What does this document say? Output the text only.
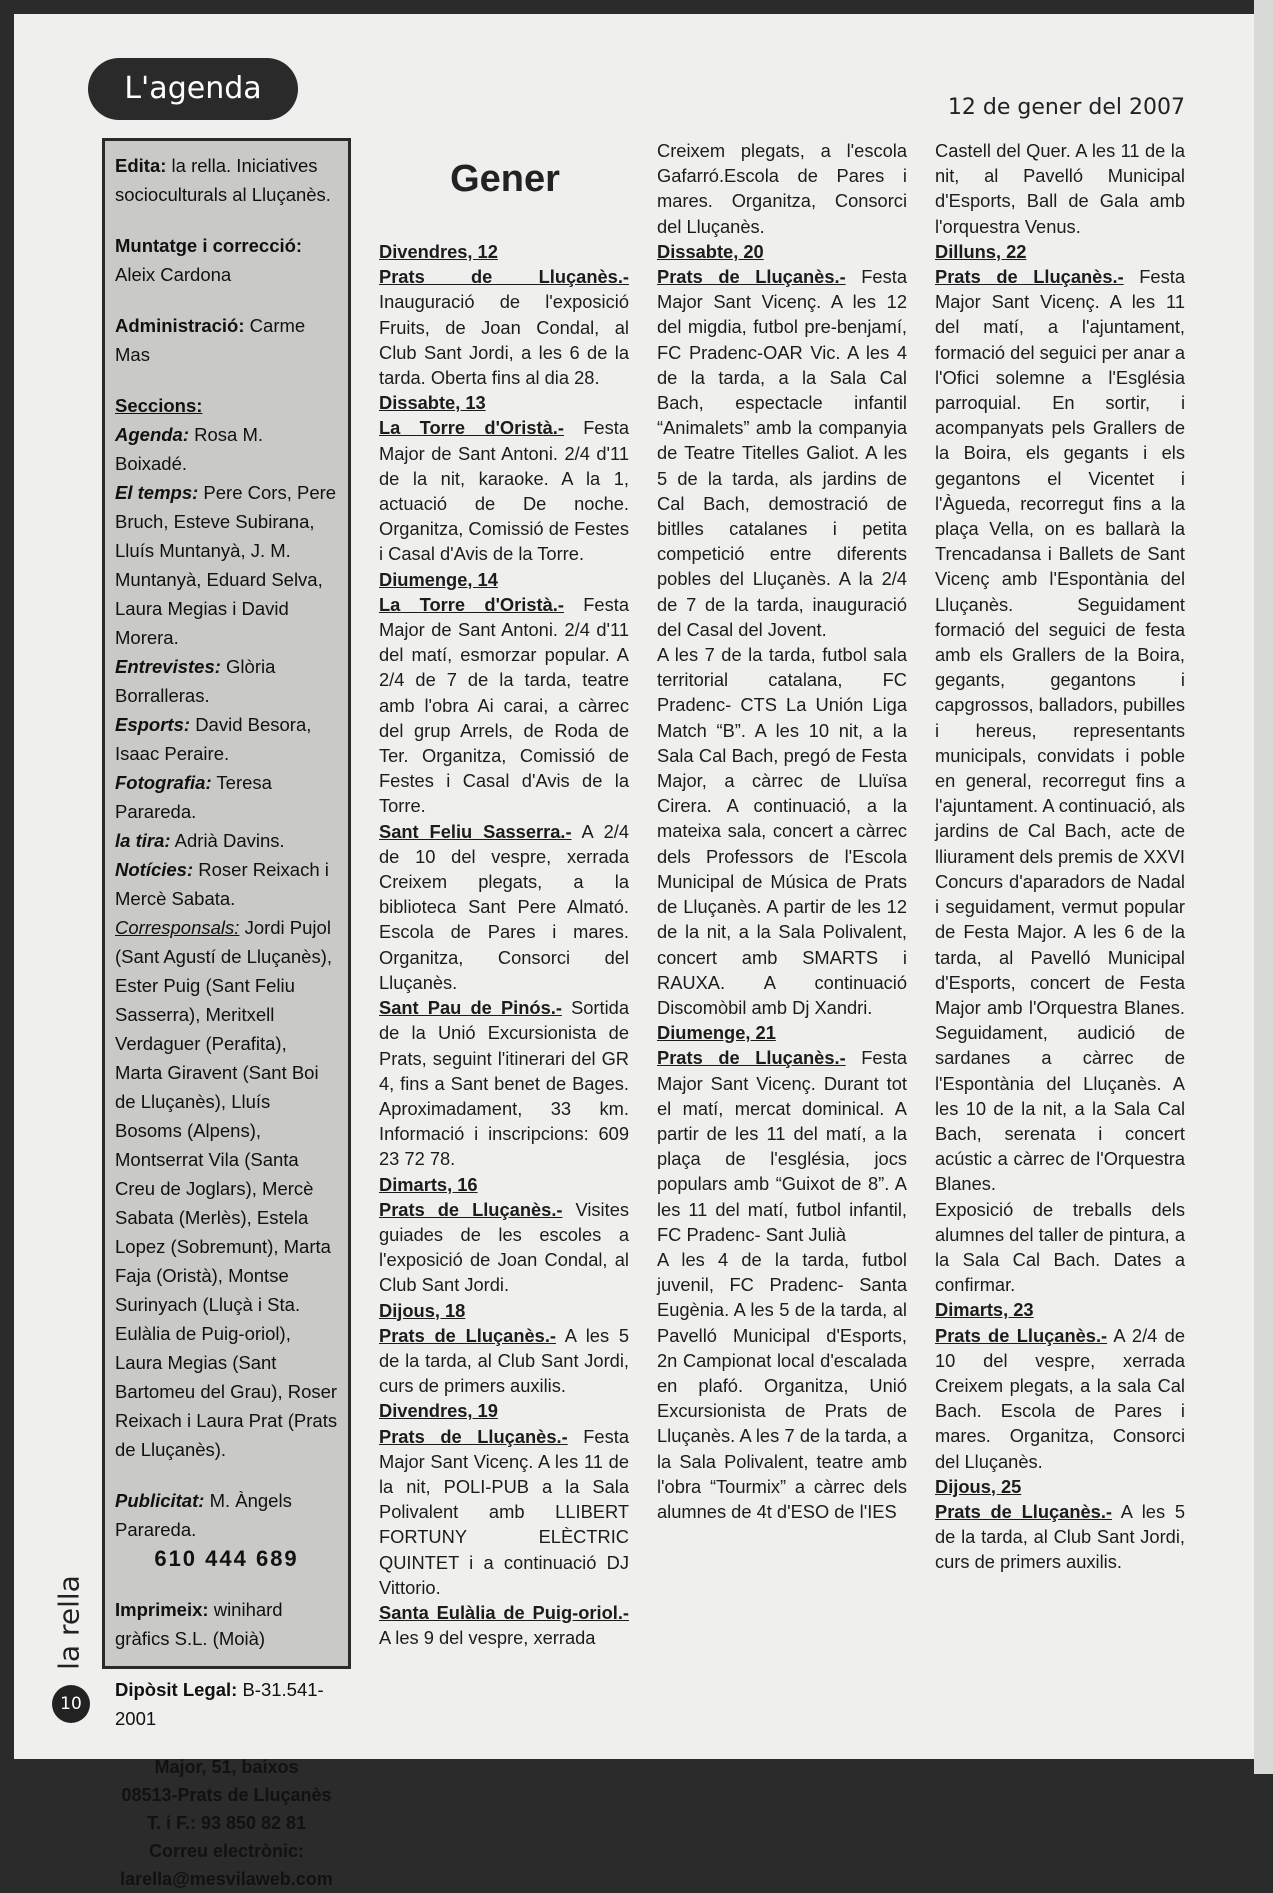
L'agenda
12 de gener del 2007

Edita: la rella. Iniciatives socioculturals al Lluçanès.

Muntatge i correcció: Aleix Cardona

Administració: Carme Mas

Seccions:

Agenda: Rosa M. Boixadé.

El temps: Pere Cors, Pere Bruch, Esteve Subirana, Lluís Muntanyà, J. M. Muntanyà, Eduard Selva, Laura Megias i David Morera.

Entrevistes: Glòria Borralleras.

Esports: David Besora, Isaac Peraire.

Fotografia: Teresa Parareda.

la tira: Adrià Davins.

Notícies: Roser Reixach i Mercè Sabata.

Corresponsals: Jordi Pujol (Sant Agustí de Lluçanès), Ester Puig (Sant Feliu Sasserra), Meritxell Verdaguer (Perafita), Marta Giravent (Sant Boi de Lluçanès), Lluís Bosoms (Alpens), Montserrat Vila (Santa Creu de Joglars), Mercè Sabata (Merlès), Estela Lopez (Sobremunt), Marta Faja (Oristà), Montse Surinyach (Lluçà i Sta. Eulàlia de Puig-oriol), Laura Megias (Sant Bartomeu del Grau), Roser Reixach i Laura Prat (Prats de Lluçanès).

Publicitat: M. Àngels Parareda.

610 444 689

Imprimeix: winihard gràfics S.L. (Moià)

Dipòsit Legal: B-31.541-2001

Major, 51, baixos
08513-Prats de Lluçanès
T. i F.: 93 850 82 81
Correu electrònic:
larella@mesvilaweb.com
la rella
10
Gener

Divendres, 12

Prats de Lluçanès.- Inauguració de l'exposició Fruits, de Joan Condal, al Club Sant Jordi, a les 6 de la tarda. Oberta fins al dia 28.

Dissabte, 13

La Torre d'Oristà.- Festa Major de Sant Antoni. 2/4 d'11 de la nit, karaoke. A la 1, actuació de De noche. Organitza, Comissió de Festes i Casal d'Avis de la Torre.

Diumenge, 14

La Torre d'Oristà.- Festa Major de Sant Antoni. 2/4 d'11 del matí, esmorzar popular. A 2/4 de 7 de la tarda, teatre amb l'obra Ai carai, a càrrec del grup Arrels, de Roda de Ter. Organitza, Comissió de Festes i Casal d'Avis de la Torre.

Sant Feliu Sasserra.- A 2/4 de 10 del vespre, xerrada Creixem plegats, a la biblioteca Sant Pere Almató. Escola de Pares i mares. Organitza, Consorci del Lluçanès.

Sant Pau de Pinós.- Sortida de la Unió Excursionista de Prats, seguint l'itinerari del GR 4, fins a Sant benet de Bages. Aproximadament, 33 km. Informació i inscripcions: 609 23 72 78.

Dimarts, 16

Prats de Lluçanès.- Visites guiades de les escoles a l'exposició de Joan Condal, al Club Sant Jordi.

Dijous, 18

Prats de Lluçanès.- A les 5 de la tarda, al Club Sant Jordi, curs de primers auxilis.

Divendres, 19

Prats de Lluçanès.- Festa Major Sant Vicenç. A les 11 de la nit, POLI-PUB a la Sala Polivalent amb LLIBERT FORTUNY ELÈCTRIC QUINTET i a continuació DJ Vittorio.

Santa Eulàlia de Puig-oriol.- A les 9 del vespre, xerrada

Creixem plegats, a l'escola Gafarró.Escola de Pares i mares. Organitza, Consorci del Lluçanès.

Dissabte, 20

Prats de Lluçanès.- Festa Major Sant Vicenç. A les 12 del migdia, futbol pre-benjamí, FC Pradenc-OAR Vic. A les 4 de la tarda, a la Sala Cal Bach, espectacle infantil “Animalets” amb la companyia de Teatre Titelles Galiot. A les 5 de la tarda, als jardins de Cal Bach, demostració de bitlles catalanes i petita competició entre diferents pobles del Lluçanès. A la 2/4 de 7 de la tarda, inauguració del Casal del Jovent.

A les 7 de la tarda, futbol sala territorial catalana, FC Pradenc- CTS La Unión Liga Match “B”. A les 10 nit, a la Sala Cal Bach, pregó de Festa Major, a càrrec de Lluïsa Cirera. A continuació, a la mateixa sala, concert a càrrec dels Professors de l'Escola Municipal de Música de Prats de Lluçanès. A partir de les 12 de la nit, a la Sala Polivalent, concert amb SMARTS i RAUXA. A continuació Discomòbil amb Dj Xandri.

Diumenge, 21

Prats de Lluçanès.- Festa Major Sant Vicenç. Durant tot el matí, mercat dominical. A partir de les 11 del matí, a la plaça de l'església, jocs populars amb “Guixot de 8”. A les 11 del matí, futbol infantil, FC Pradenc- Sant Julià

A les 4 de la tarda, futbol juvenil, FC Pradenc- Santa Eugènia. A les 5 de la tarda, al Pavelló Municipal d'Esports, 2n Campionat local d'escalada en plafó. Organitza, Unió Excursionista de Prats de Lluçanès. A les 7 de la tarda, a la Sala Polivalent, teatre amb l'obra “Tourmix” a càrrec dels alumnes de 4t d'ESO de l'IES

Castell del Quer. A les 11 de la nit, al Pavelló Municipal d'Esports, Ball de Gala amb l'orquestra Venus.

Dilluns, 22

Prats de Lluçanès.- Festa Major Sant Vicenç. A les 11 del matí, a l'ajuntament, formació del seguici per anar a l'Ofici solemne a l'Església parroquial. En sortir, i acompanyats pels Grallers de la Boira, els gegants i els gegantons el Vicentet i l'Àgueda, recorregut fins a la plaça Vella, on es ballarà la Trencadansa i Ballets de Sant Vicenç amb l'Espontània del Lluçanès. Seguidament formació del seguici de festa amb els Grallers de la Boira, gegants, gegantons i capgrossos, balladors, pubilles i hereus, representants municipals, convidats i poble en general, recorregut fins a l'ajuntament. A continuació, als jardins de Cal Bach, acte de lliurament dels premis de XXVI Concurs d'aparadors de Nadal i seguidament, vermut popular de Festa Major. A les 6 de la tarda, al Pavelló Municipal d'Esports, concert de Festa Major amb l'Orquestra Blanes. Seguidament, audició de sardanes a càrrec de l'Espontània del Lluçanès. A les 10 de la nit, a la Sala Cal Bach, serenata i concert acústic a càrrec de l'Orquestra Blanes.

Exposició de treballs dels alumnes del taller de pintura, a la Sala Cal Bach. Dates a confirmar.

Dimarts, 23

Prats de Lluçanès.- A 2/4 de 10 del vespre, xerrada Creixem plegats, a la sala Cal Bach. Escola de Pares i mares. Organitza, Consorci del Lluçanès.

Dijous, 25

Prats de Lluçanès.- A les 5 de la tarda, al Club Sant Jordi, curs de primers auxilis.
